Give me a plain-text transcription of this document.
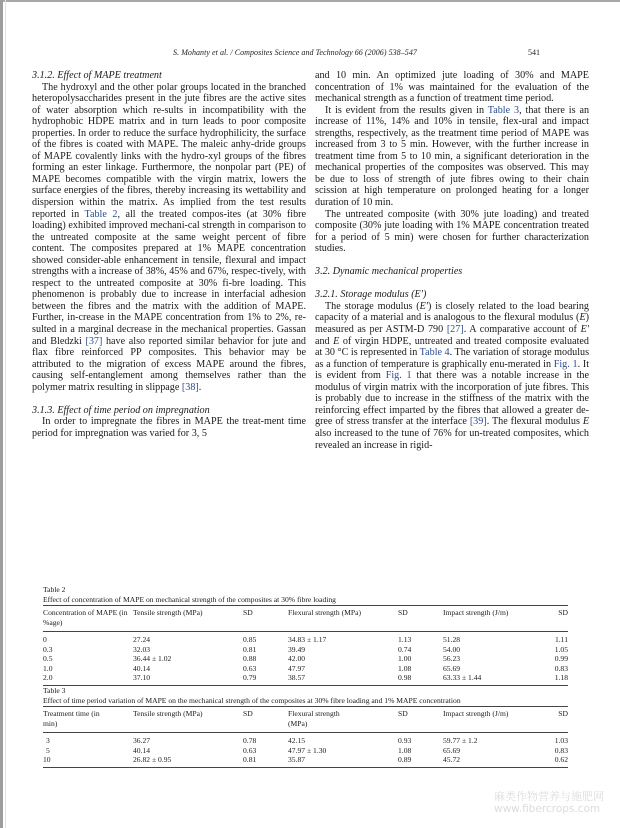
S. Mohanty et al. / Composites Science and Technology 66 (2006) 538–547	541
3.1.2. Effect of MAPE treatment

The hydroxyl and the other polar groups located in the branched heteropolysaccharides present in the jute fibres are the active sites of water absorption which re-sults in incompatibility with the hydrophobic HDPE matrix and in turn leads to poor composite properties. In order to reduce the surface hydrophilicity, the surface of the fibres is coated with MAPE. The maleic anhy-dride groups of MAPE covalently links with the hydro-xyl groups of the fibres forming an ester linkage. Furthermore, the nonpolar part (PE) of MAPE becomes compatible with the virgin matrix, lowers the surface energies of the fibres, thereby increasing its wettability and dispersion within the matrix. As implied from the test results reported in Table 2, all the treated compos-ites (at 30% fibre loading) exhibited improved mechani-cal strength in comparison to the untreated composite at the same weight percent of fibre content. The composites prepared at 1% MAPE concentration showed consider-able enhancement in tensile, flexural and impact strengths with a increase of 38%, 45% and 67%, respec-tively, with respect to the untreated composite at 30% fi-bre loading. This phenomenon is probably due to increase in interfacial adhesion between the fibres and the matrix with the addition of MAPE. Further, in-crease in the MAPE concentration from 1% to 2%, re-sulted in a marginal decrease in the mechanical properties. Gassan and Bledzki [37] have also reported similar behavior for jute and flax fibre reinforced PP composites. This behavior may be attributed to the migration of excess MAPE around the fibres, causing self-entanglement among themselves rather than the polymer matrix resulting in slippage [38].

3.1.3. Effect of time period on impregnation

In order to impregnate the fibres in MAPE the treat-ment time period for impregnation was varied for 3, 5

and 10 min. An optimized jute loading of 30% and MAPE concentration of 1% was maintained for the evaluation of the mechanical strength as a function of treatment time period.

It is evident from the results given in Table 3, that there is an increase of 11%, 14% and 10% in tensile, flex-ural and impact strengths, respectively, as the treatment time period of MAPE was increased from 3 to 5 min. However, with the further increase in treatment time from 5 to 10 min, a significant deterioration in the mechanical properties of the composites was observed. This may be due to loss of strength of jute fibres owing to their chain scission at high temperature on prolonged heating for a longer duration of 10 min.

The untreated composite (with 30% jute loading) and treated composite (30% jute loading with 1% MAPE concentration treated for a period of 5 min) were chosen for further characterization studies.

3.2. Dynamic mechanical properties
3.2.1. Storage modulus (E′)

The storage modulus (E′) is closely related to the load bearing capacity of a material and is analogous to the flexural modulus (E) measured as per ASTM-D 790 [27]. A comparative account of E′ and E of virgin HDPE, untreated and treated composite evaluated at 30 °C is represented in Table 4. The variation of storage modulus as a function of temperature is graphically enu-merated in Fig. 1. It is evident from Fig. 1 that there was a notable increase in the modulus of virgin matrix with the incorporation of jute fibres. This is probably due to increase in the stiffness of the matrix with the reinforcing effect imparted by the fibres that allowed a greater de-gree of stress transfer at the interface [39]. The flexural modulus E also increased to the tune of 76% for un-treated composites, which revealed an increase in rigid-

Table 2

Effect of concentration of MAPE on mechanical strength of the composites at 30% fibre loading

Concentration of MAPE (in %age)	Tensile strength (MPa)	SD	Flexural strength (MPa)	SD	Impact strength (J/m)	SD
0	27.24	0.85	34.83 ± 1.17	1.13	51.28	1.11
0.3	32.03	0.81	39.49	0.74	54.00	1.05
0.5	36.44 ± 1.02	0.88	42.00	1.00	56.23	0.99
1.0	40.14	0.63	47.97	1.08	65.69	0.83
2.0	37.10	0.79	38.57	0.98	63.33 ± 1.44	1.18

Table 3

Effect of time period variation of MAPE on the mechanical strength of the composites at 30% fibre loading and 1% MAPE concentration

Treatment time (in min)	Tensile strength (MPa)	SD	Flexural strength (MPa)	SD	Impact strength (J/m)	SD
3	36.27	0.78	42.15	0.93	59.77 ± 1.2	1.03
5	40.14	0.63	47.97 ± 1.30	1.08	65.69	0.83
10	26.82 ± 0.95	0.81	35.87	0.89	45.72	0.62
麻类作物营养与施肥网
www.fibercrops.com
